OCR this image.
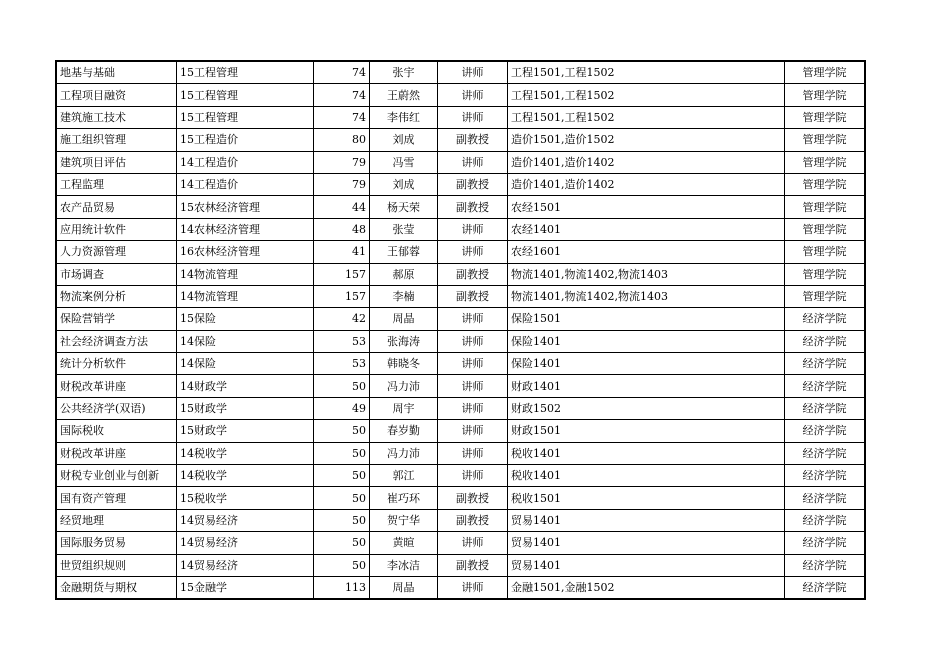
地基与基础	15工程管理	74	张宇	讲师	工程1501,工程1502	管理学院
工程项目融资	15工程管理	74	王蔚然	讲师	工程1501,工程1502	管理学院
建筑施工技术	15工程管理	74	李伟红	讲师	工程1501,工程1502	管理学院
施工组织管理	15工程造价	80	刘成	副教授	造价1501,造价1502	管理学院
建筑项目评估	14工程造价	79	冯雪	讲师	造价1401,造价1402	管理学院
工程监理	14工程造价	79	刘成	副教授	造价1401,造价1402	管理学院
农产品贸易	15农林经济管理	44	杨天荣	副教授	农经1501	管理学院
应用统计软件	14农林经济管理	48	张莹	讲师	农经1401	管理学院
人力资源管理	16农林经济管理	41	王郁蓉	讲师	农经1601	管理学院
市场调查	14物流管理	157	郝原	副教授	物流1401,物流1402,物流1403	管理学院
物流案例分析	14物流管理	157	李楠	副教授	物流1401,物流1402,物流1403	管理学院
保险营销学	15保险	42	周晶	讲师	保险1501	经济学院
社会经济调查方法	14保险	53	张海涛	讲师	保险1401	经济学院
统计分析软件	14保险	53	韩晓冬	讲师	保险1401	经济学院
财税改革讲座	14财政学	50	冯力沛	讲师	财政1401	经济学院
公共经济学(双语)	15财政学	49	周宇	讲师	财政1502	经济学院
国际税收	15财政学	50	春岁勤	讲师	财政1501	经济学院
财税改革讲座	14税收学	50	冯力沛	讲师	税收1401	经济学院
财税专业创业与创新	14税收学	50	郭江	讲师	税收1401	经济学院
国有资产管理	15税收学	50	崔巧环	副教授	税收1501	经济学院
经贸地理	14贸易经济	50	贺宁华	副教授	贸易1401	经济学院
国际服务贸易	14贸易经济	50	黄暄	讲师	贸易1401	经济学院
世贸组织规则	14贸易经济	50	李冰洁	副教授	贸易1401	经济学院
金融期货与期权	15金融学	113	周晶	讲师	金融1501,金融1502	经济学院
